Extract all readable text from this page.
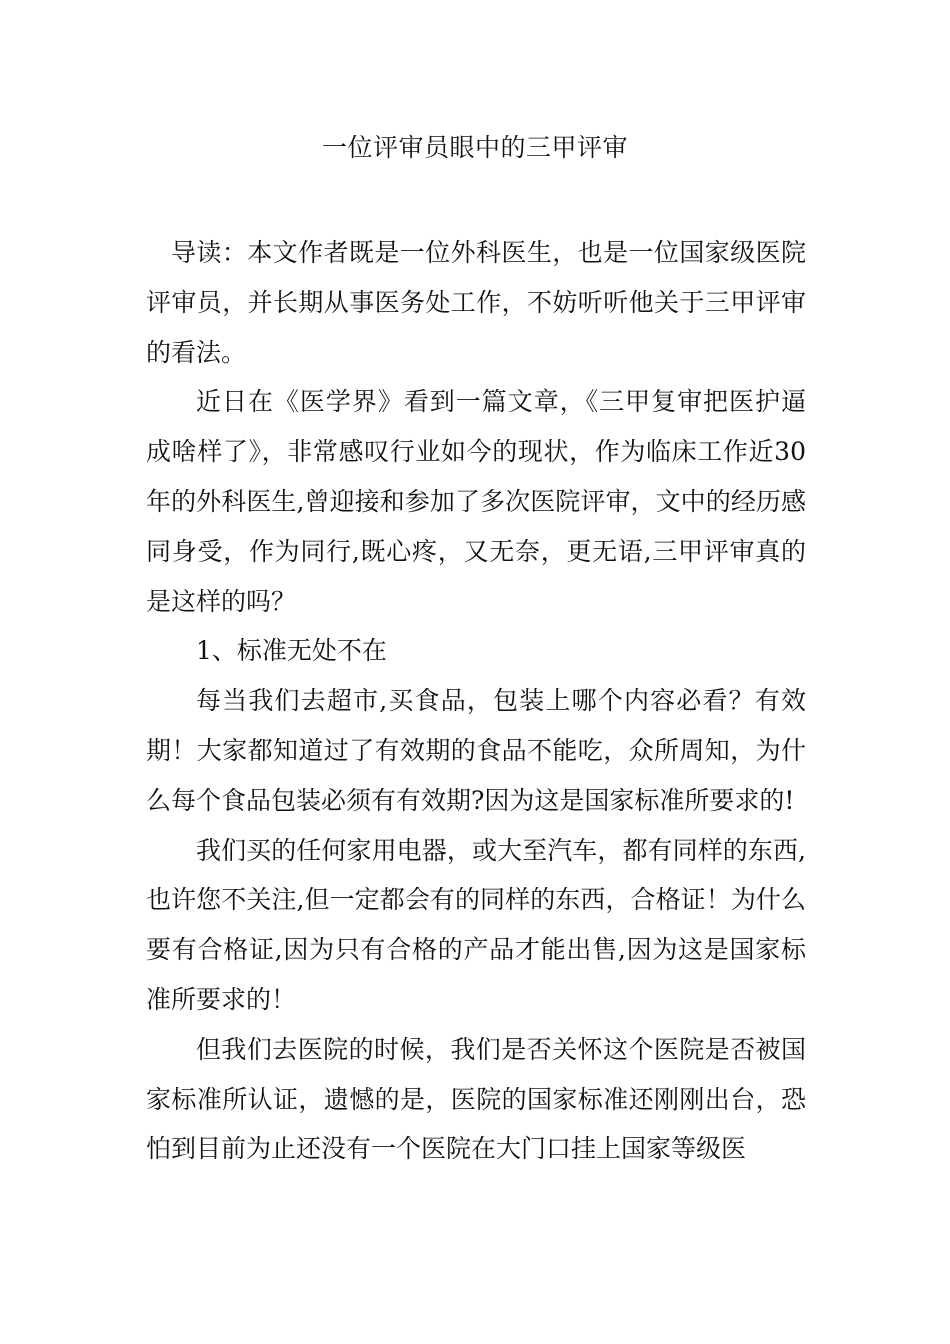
一位评审员眼中的三甲评审

导读：本文作者既是一位外科医生，也是一位国家级医院评审员，并长期从事医务处工作，不妨听听他关于三甲评审的看法。

近日在《医学界》看到一篇文章，《三甲复审把医护逼成啥样了》，非常感叹行业如今的现状，作为临床工作近30年的外科医生,曾迎接和参加了多次医院评审，文中的经历感同身受，作为同行,既心疼，又无奈，更无语,三甲评审真的是这样的吗？

1、标准无处不在

每当我们去超市,买食品，包装上哪个内容必看？有效期！大家都知道过了有效期的食品不能吃，众所周知，为什么每个食品包装必须有有效期?因为这是国家标准所要求的!

我们买的任何家用电器，或大至汽车，都有同样的东西,也许您不关注,但一定都会有的同样的东西，合格证！为什么要有合格证,因为只有合格的产品才能出售,因为这是国家标准所要求的！

但我们去医院的时候，我们是否关怀这个医院是否被国家标准所认证，遗憾的是，医院的国家标准还刚刚出台，恐怕到目前为止还没有一个医院在大门口挂上国家等级医
